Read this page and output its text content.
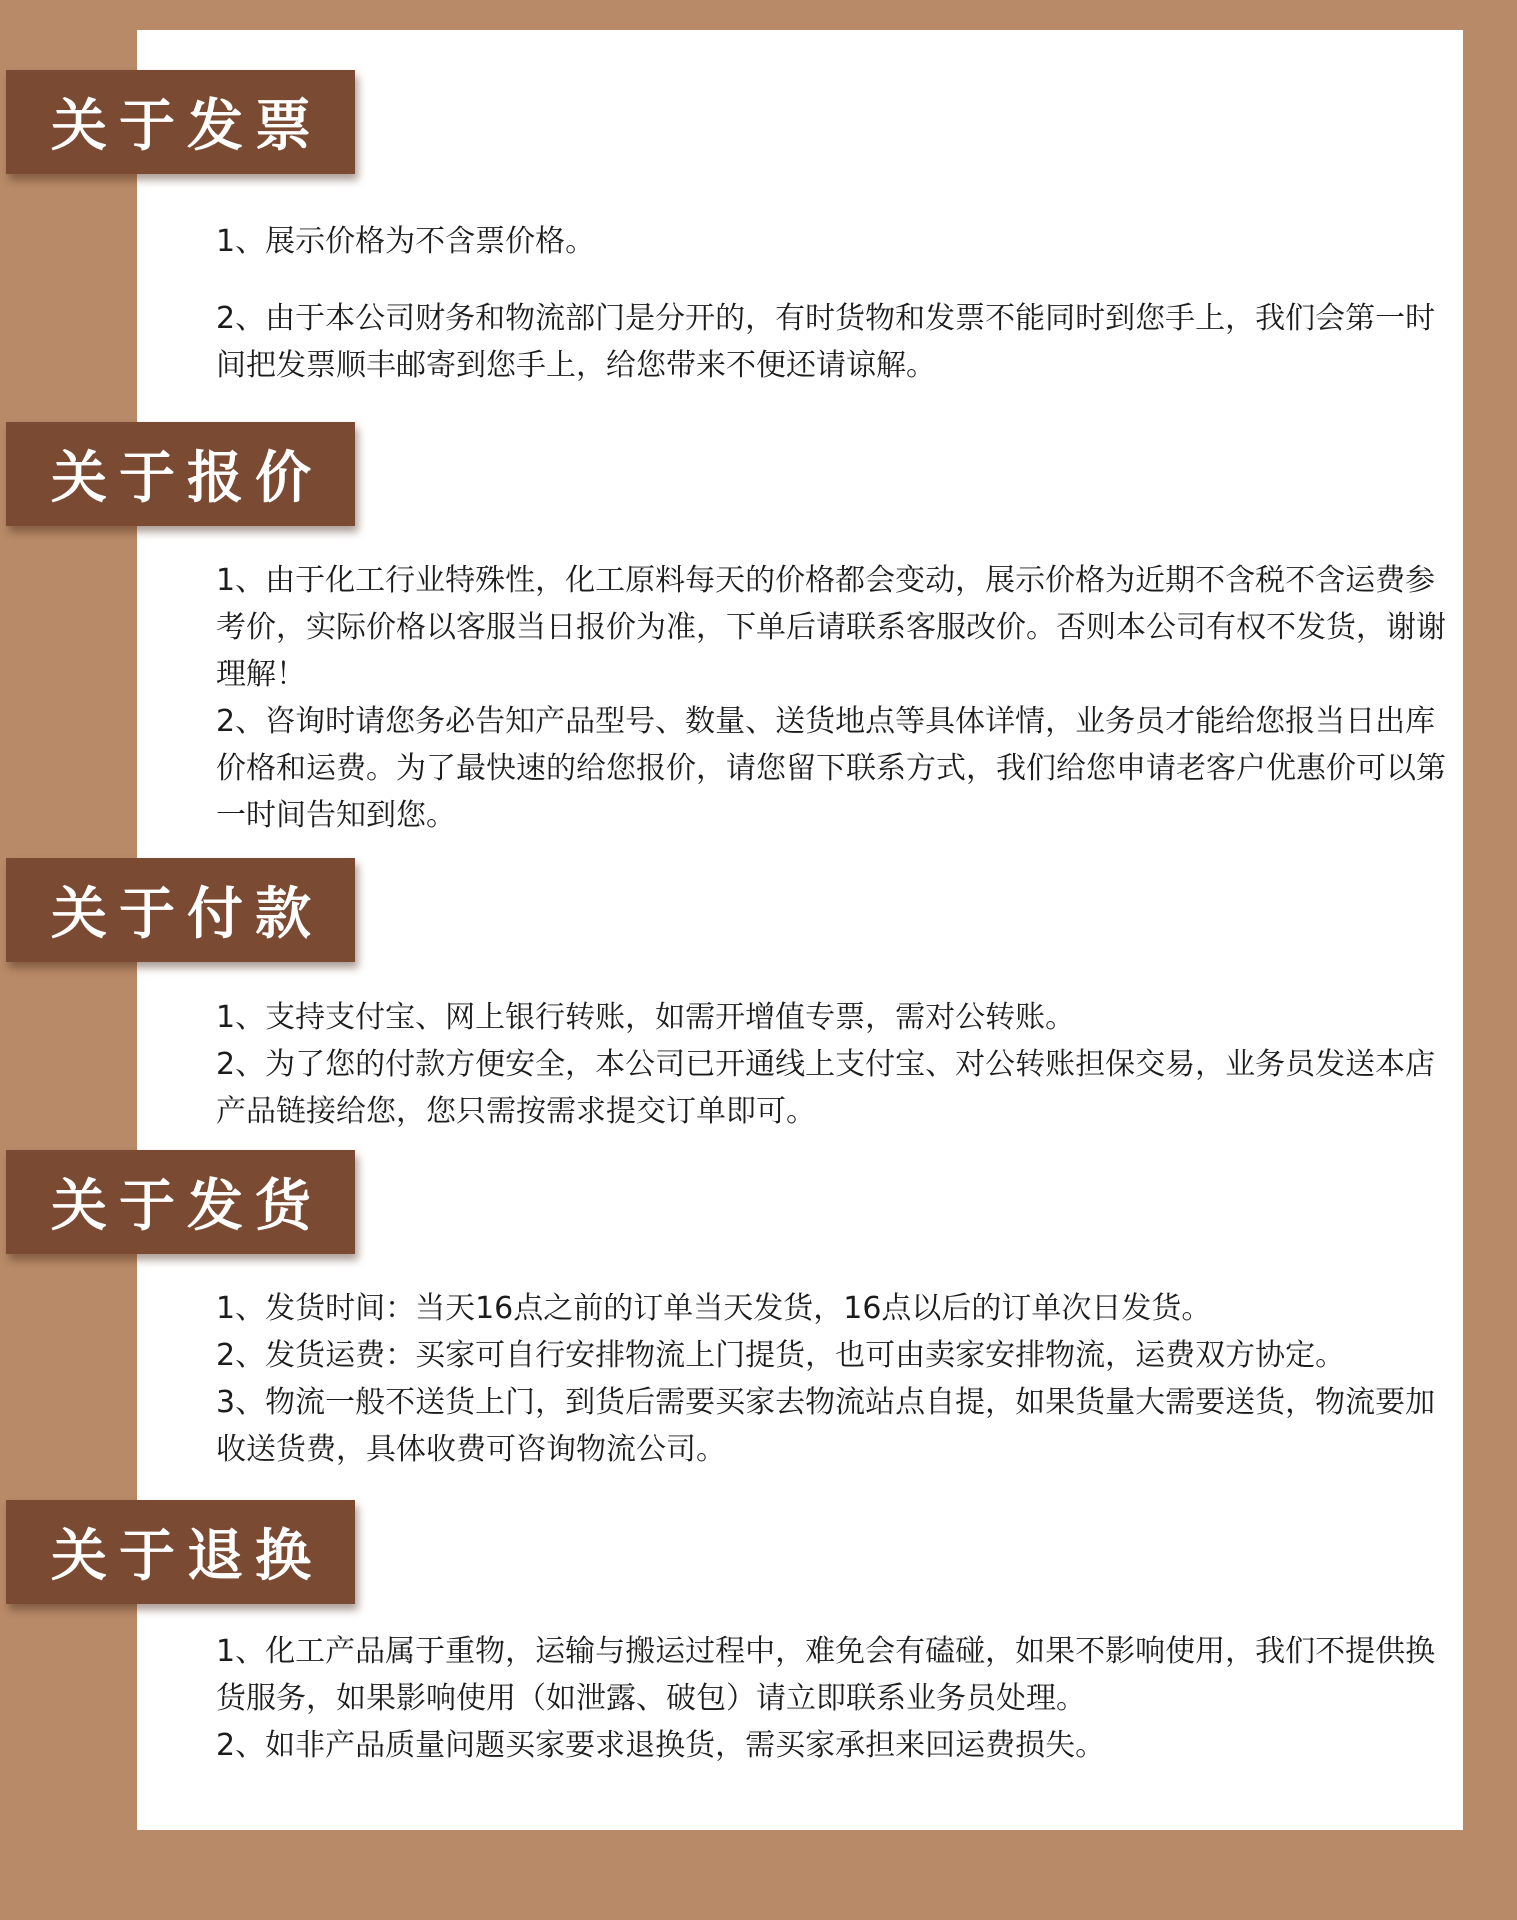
关于发票

1、展示价格为不含票价格。

2、由于本公司财务和物流部门是分开的，有时货物和发票不能同时到您手上，我们会第一时间把发票顺丰邮寄到您手上，给您带来不便还请谅解。

关于报价

1、由于化工行业特殊性，化工原料每天的价格都会变动，展示价格为近期不含税不含运费参考价，实际价格以客服当日报价为准，下单后请联系客服改价。否则本公司有权不发货，谢谢理解！

2、咨询时请您务必告知产品型号、数量、送货地点等具体详情，业务员才能给您报当日出库价格和运费。为了最快速的给您报价，请您留下联系方式，我们给您申请老客户优惠价可以第一时间告知到您。

关于付款

1、支持支付宝、网上银行转账，如需开增值专票，需对公转账。

2、为了您的付款方便安全，本公司已开通线上支付宝、对公转账担保交易，业务员发送本店产品链接给您，您只需按需求提交订单即可。

关于发货

1、发货时间：当天16点之前的订单当天发货，16点以后的订单次日发货。

2、发货运费：买家可自行安排物流上门提货，也可由卖家安排物流，运费双方协定。

3、物流一般不送货上门，到货后需要买家去物流站点自提，如果货量大需要送货，物流要加收送货费，具体收费可咨询物流公司。

关于退换

1、化工产品属于重物，运输与搬运过程中，难免会有磕碰，如果不影响使用，我们不提供换货服务，如果影响使用（如泄露、破包）请立即联系业务员处理。

2、如非产品质量问题买家要求退换货，需买家承担来回运费损失。
